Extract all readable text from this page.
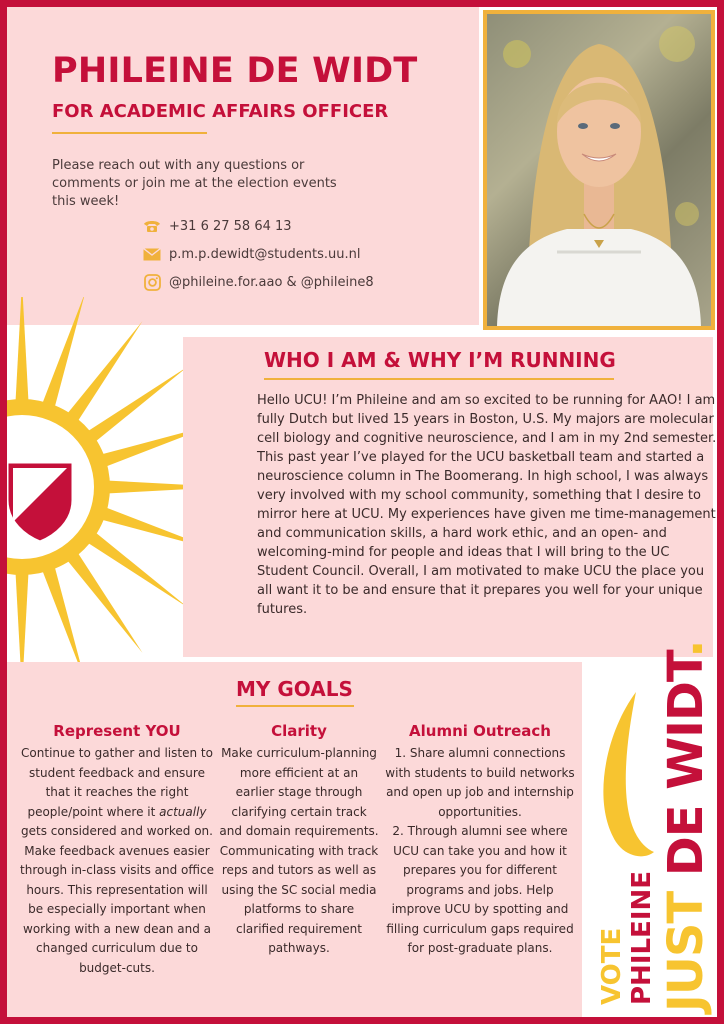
PHILEINE DE WIDT
FOR ACADEMIC AFFAIRS OFFICER
Please reach out with any questions or comments or join me at the election events this week!
+31 6 27 58 64 13
p.m.p.dewidt@students.uu.nl
@phileine.for.aao & @phileine8
WHO I AM & WHY I’M RUNNING
Hello UCU! I’m Phileine and am so excited to be running for AAO! I am fully Dutch but lived 15 years in Boston, U.S. My majors are molecular cell biology and cognitive neuroscience, and I am in my 2nd semester. This past year I’ve played for the UCU basketball team and started a neuroscience column in The Boomerang. In high school, I was always very involved with my school community, something that I desire to mirror here at UCU. My experiences have given me time-management and communication skills, a hard work ethic, and an open- and welcoming-mind for people and ideas that I will bring to the UC Student Council. Overall, I am motivated to make UCU the place you all want it to be and ensure that it prepares you well for your unique futures.
MY GOALS
Represent YOU

Continue to gather and listen to student feedback and ensure that it reaches the right people/point where it actually gets considered and worked on. Make feedback avenues easier through in-class visits and office hours. This representation will be especially important when working with a new dean and a changed curriculum due to budget-cuts.

Clarity

Make curriculum-planning more efficient at an earlier stage through clarifying certain track and domain requirements. Communicating with track reps and tutors as well as using the SC social media platforms to share clarified requirement pathways.

Alumni Outreach

1. Share alumni connections with students to build networks and open up job and internship opportunities.

2. Through alumni see where UCU can take you and how it prepares you for different programs and jobs. Help improve UCU by spotting and filling curriculum gaps required for post-graduate plans.	VOTE PHILEINE JUST DE WIDT.
